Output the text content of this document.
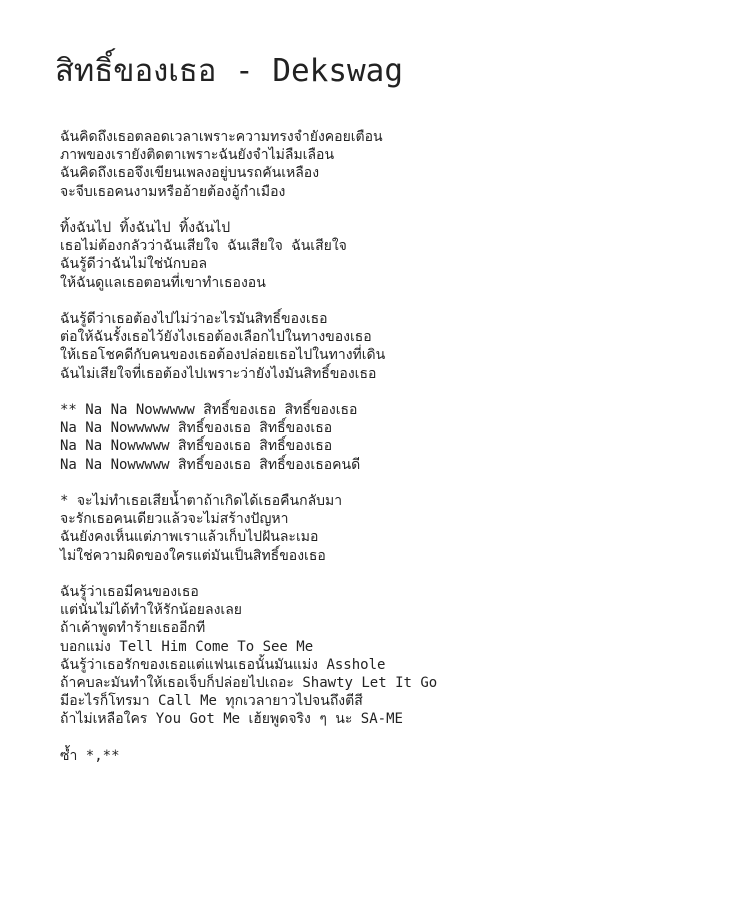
สิทธิ์ของเธอ - Dekswag
ฉันคิดถึงเธอตลอดเวลาเพราะความทรงจำยังคอยเตือน
ภาพของเรายังติดตาเพราะฉันยังจำไม่ลืมเลือน
ฉันคิดถึงเธอจึงเขียนเพลงอยู่บนรถคันเหลือง
จะจีบเธอคนงามหรืออ้ายต้องอู้กำเมือง
ทิ้งฉันไป ทิ้งฉันไป ทิ้งฉันไป
เธอไม่ต้องกลัวว่าฉันเสียใจ ฉันเสียใจ ฉันเสียใจ
ฉันรู้ดีว่าฉันไม่ใช่นักบอล
ให้ฉันดูแลเธอตอนที่เขาทำเธองอน
ฉันรู้ดีว่าเธอต้องไปไม่ว่าอะไรมันสิทธิ์ของเธอ
ต่อให้ฉันรั้งเธอไว้ยังไงเธอต้องเลือกไปในทางของเธอ
ให้เธอโชคดีกับคนของเธอต้องปล่อยเธอไปในทางที่เดิน
ฉันไม่เสียใจที่เธอต้องไปเพราะว่ายังไงมันสิทธิ์ของเธอ
** Na Na Nowwwww สิทธิ์ของเธอ สิทธิ์ของเธอ
Na Na Nowwwww สิทธิ์ของเธอ สิทธิ์ของเธอ
Na Na Nowwwww สิทธิ์ของเธอ สิทธิ์ของเธอ
Na Na Nowwwww สิทธิ์ของเธอ สิทธิ์ของเธอคนดี
* จะไม่ทำเธอเสียน้ำตาถ้าเกิดได้เธอคืนกลับมา
จะรักเธอคนเดียวแล้วจะไม่สร้างปัญหา
ฉันยังคงเห็นแต่ภาพเราแล้วเก็บไปฝันละเมอ
ไม่ใช่ความผิดของใครแต่มันเป็นสิทธิ์ของเธอ
ฉันรู้ว่าเธอมีคนของเธอ
แต่นั่นไม่ได้ทำให้รักน้อยลงเลย
ถ้าเค้าพูดทำร้ายเธออีกที
บอกแม่ง Tell Him Come To See Me
ฉันรู้ว่าเธอรักของเธอแต่แฟนเธอนั้นมันแม่ง Asshole
ถ้าคบละมันทำให้เธอเจ็บก็ปล่อยไปเถอะ Shawty Let It Go
มีอะไรก็โทรมา Call Me ทุกเวลายาวไปจนถึงตีสี
ถ้าไม่เหลือใคร You Got Me เฮ้ยพูดจริง ๆ นะ SA-ME
ซ้ำ *,**
